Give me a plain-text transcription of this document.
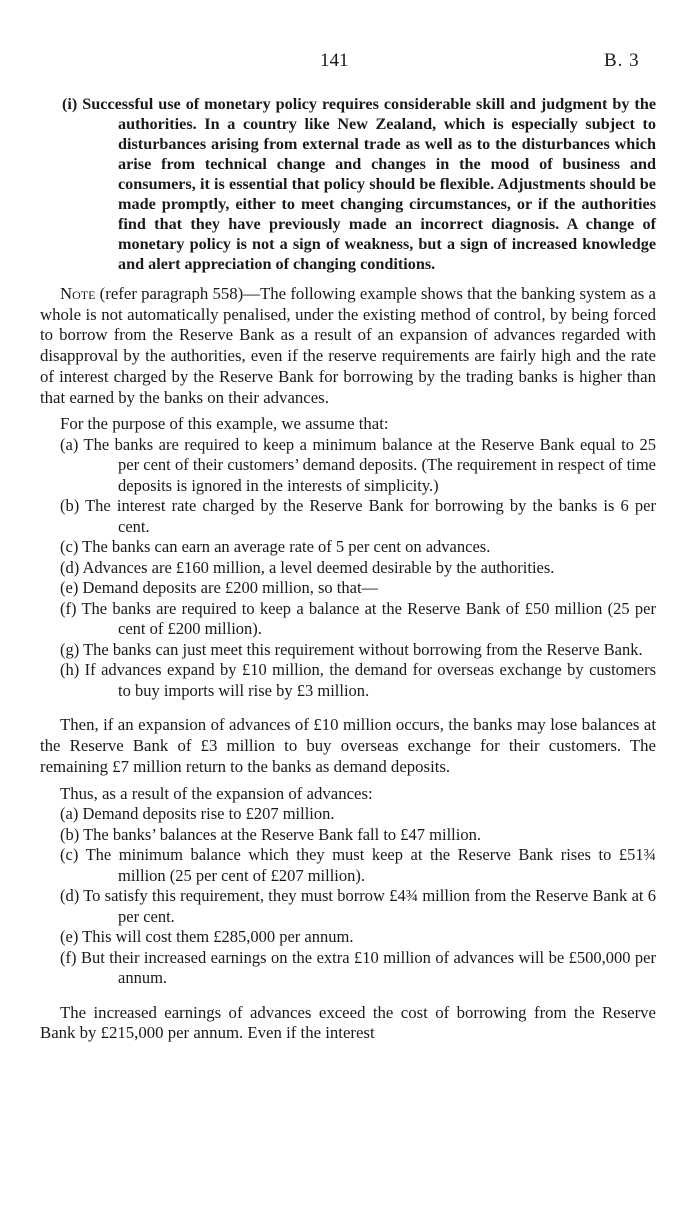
141	B. 3

(i) Successful use of monetary policy requires considerable skill and judgment by the authorities. In a country like New Zealand, which is especially subject to disturbances arising from external trade as well as to the disturbances which arise from technical change and changes in the mood of business and consumers, it is essential that policy should be flexible. Adjustments should be made promptly, either to meet changing circumstances, or if the authorities find that they have previously made an incorrect diagnosis. A change of monetary policy is not a sign of weakness, but a sign of increased knowledge and alert appreciation of changing conditions.

Note (refer paragraph 558)—The following example shows that the banking system as a whole is not automatically penalised, under the existing method of control, by being forced to borrow from the Reserve Bank as a result of an expansion of advances regarded with disapproval by the authorities, even if the reserve requirements are fairly high and the rate of interest charged by the Reserve Bank for borrowing by the trading banks is higher than that earned by the banks on their advances.

For the purpose of this example, we assume that:

(a) The banks are required to keep a minimum balance at the Reserve Bank equal to 25 per cent of their customers’ demand deposits. (The requirement in respect of time deposits is ignored in the interests of simplicity.)

(b) The interest rate charged by the Reserve Bank for borrowing by the banks is 6 per cent.

(c) The banks can earn an average rate of 5 per cent on advances.

(d) Advances are £160 million, a level deemed desirable by the authorities.

(e) Demand deposits are £200 million, so that—

(f) The banks are required to keep a balance at the Reserve Bank of £50 million (25 per cent of £200 million).

(g) The banks can just meet this requirement without borrowing from the Reserve Bank.

(h) If advances expand by £10 million, the demand for overseas exchange by customers to buy imports will rise by £3 million.

Then, if an expansion of advances of £10 million occurs, the banks may lose balances at the Reserve Bank of £3 million to buy overseas exchange for their customers. The remaining £7 million return to the banks as demand deposits.

Thus, as a result of the expansion of advances:

(a) Demand deposits rise to £207 million.

(b) The banks’ balances at the Reserve Bank fall to £47 million.

(c) The minimum balance which they must keep at the Reserve Bank rises to £51¾ million (25 per cent of £207 million).

(d) To satisfy this requirement, they must borrow £4¾ million from the Reserve Bank at 6 per cent.

(e) This will cost them £285,000 per annum.

(f) But their increased earnings on the extra £10 million of advances will be £500,000 per annum.

The increased earnings of advances exceed the cost of borrowing from the Reserve Bank by £215,000 per annum. Even if the interest
